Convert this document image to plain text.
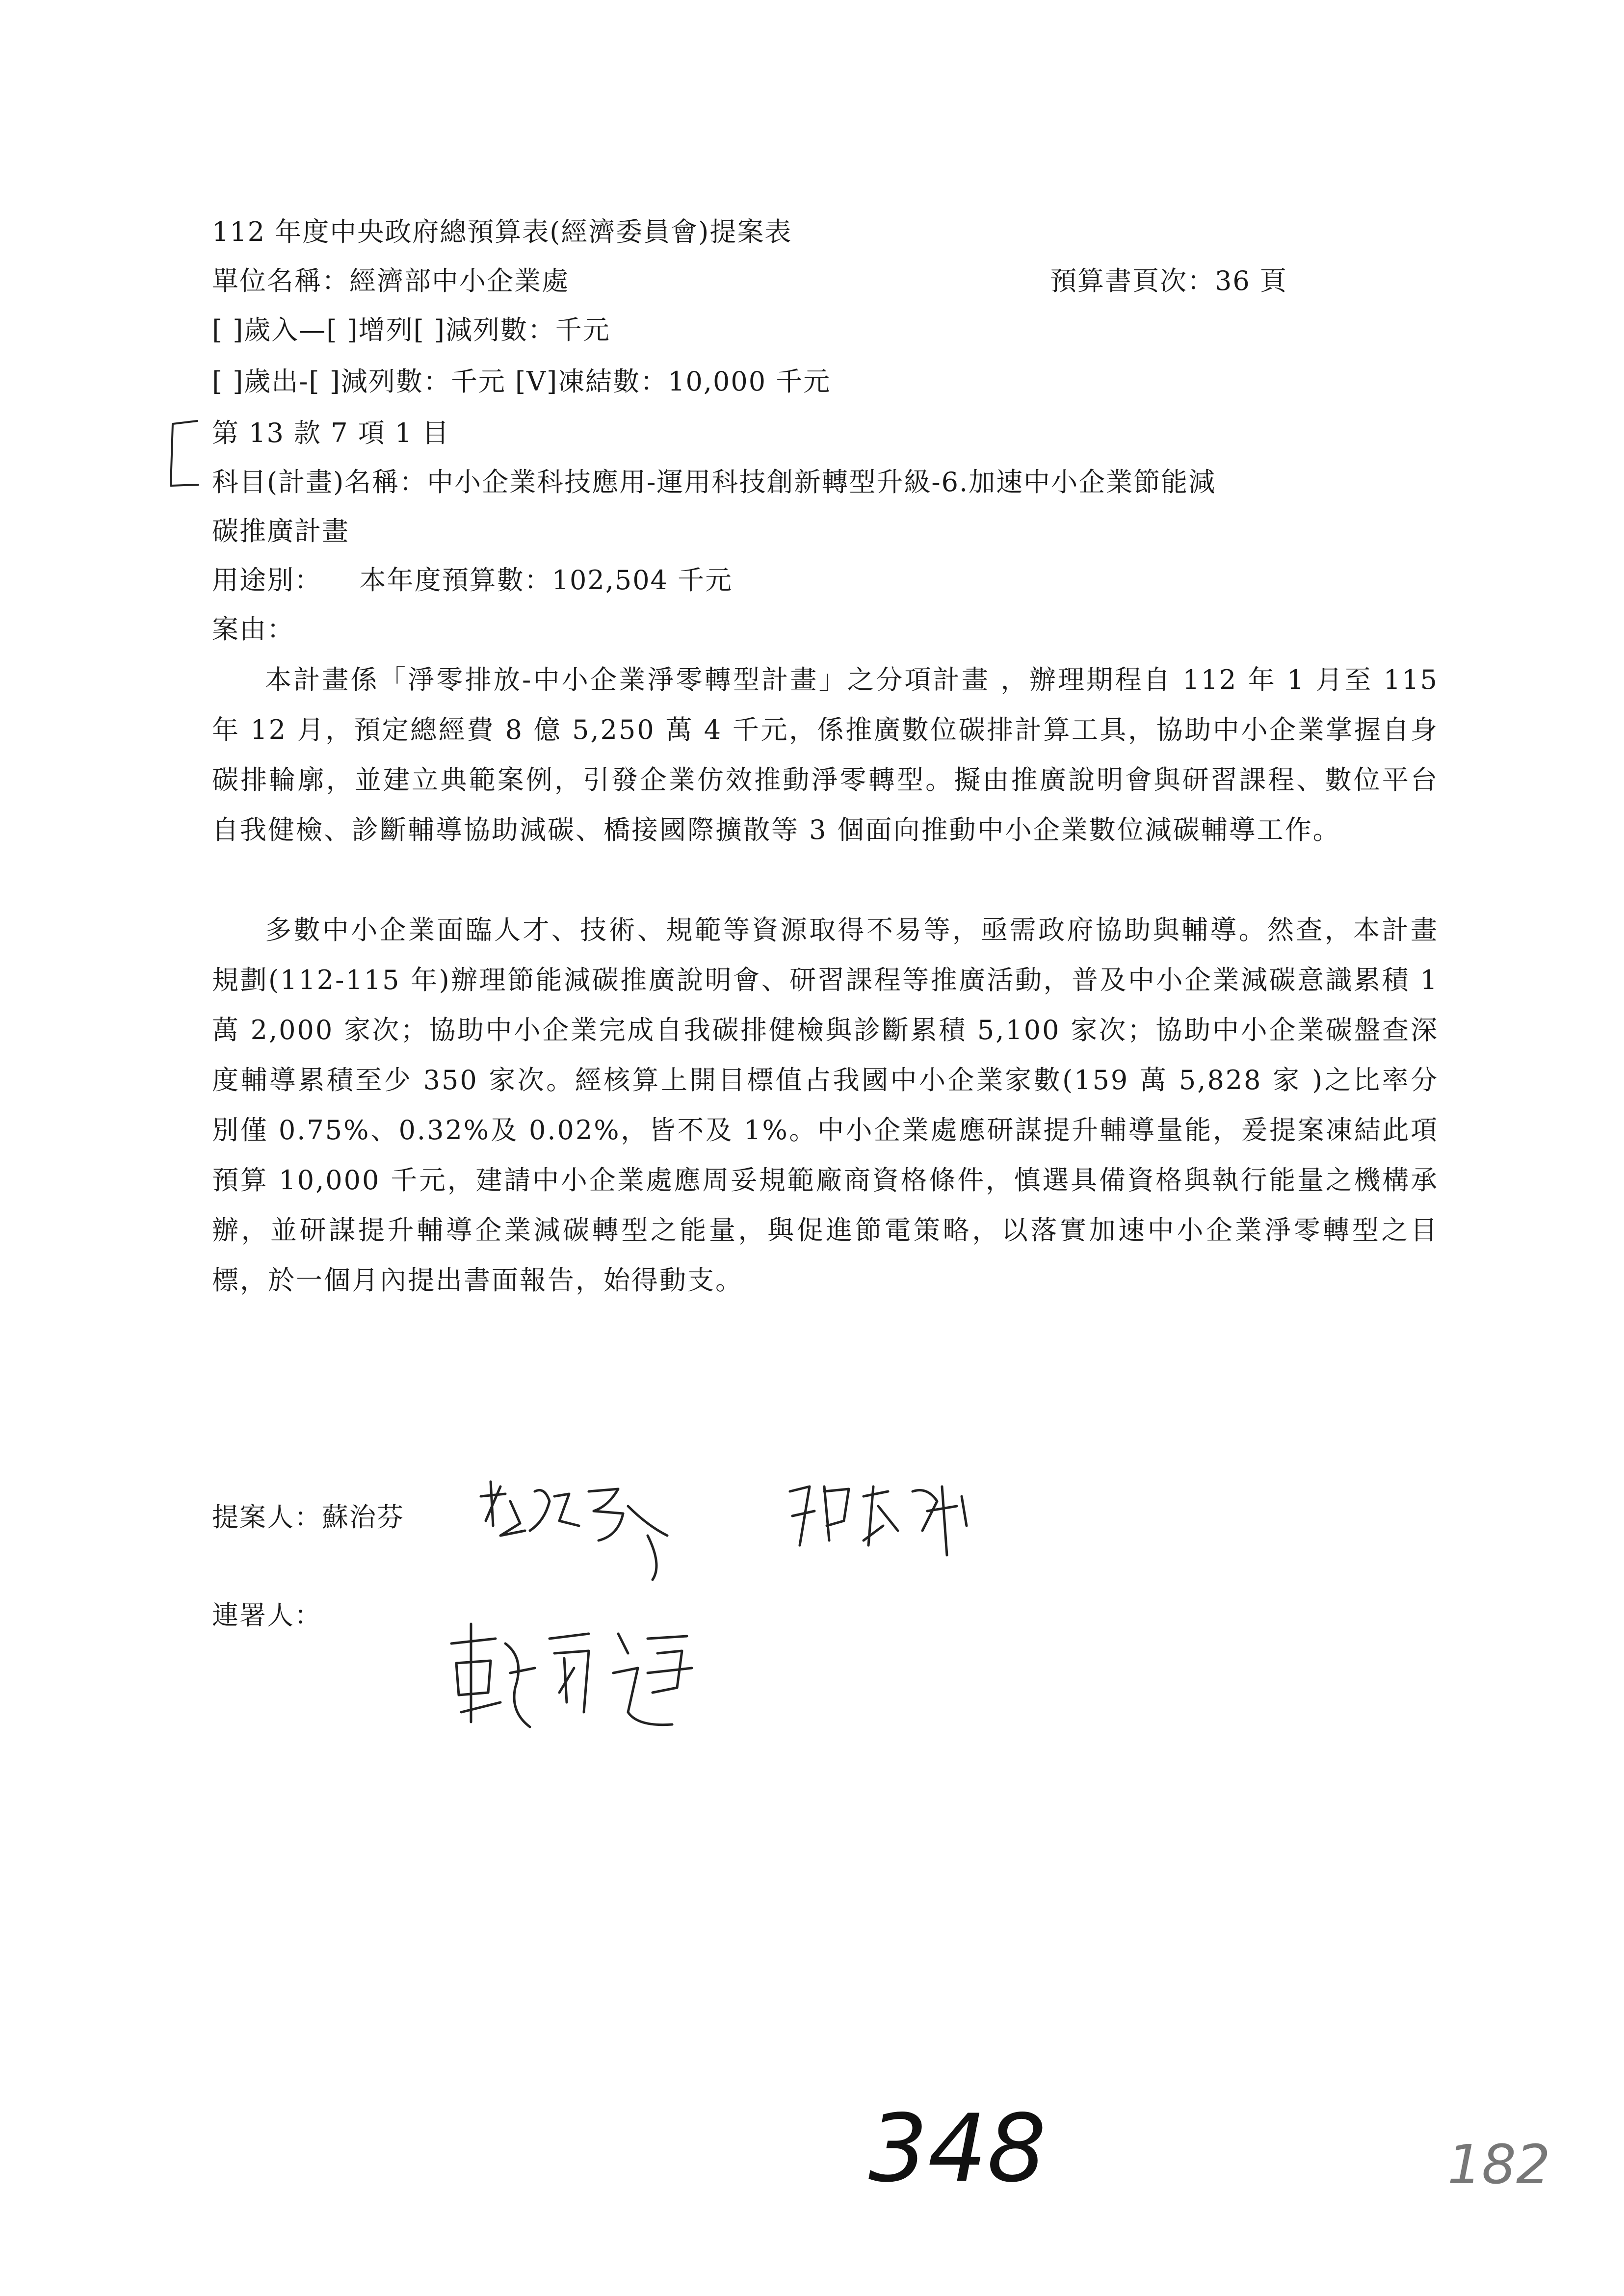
112 年度中央政府總預算表(經濟委員會)提案表
單位名稱：經濟部中小企業處	預算書頁次：36 頁
[ ]歲入—[ ]增列[ ]減列數：千元
[ ]歲出-[ ]減列數：千元 [V]凍結數：10,000 千元
第 13 款 7 項 1 目
科目(計畫)名稱：中小企業科技應用-運用科技創新轉型升級-6.加速中小企業節能減
碳推廣計畫
用途別：    本年度預算數：102,504 千元
案由：
本計畫係「淨零排放-中小企業淨零轉型計畫」之分項計畫 ，辦理期程自 112 年 1 月至 115 年 12 月，預定總經費 8 億 5,250 萬 4 千元，係推廣數位碳排計算工具，協助中小企業掌握自身碳排輪廓，並建立典範案例，引發企業仿效推動淨零轉型。擬由推廣說明會與研習課程、數位平台自我健檢、診斷輔導協助減碳、橋接國際擴散等 3 個面向推動中小企業數位減碳輔導工作。
多數中小企業面臨人才、技術、規範等資源取得不易等，亟需政府協助與輔導。然查，本計畫規劃(112-115 年)辦理節能減碳推廣說明會、研習課程等推廣活動，普及中小企業減碳意識累積 1 萬 2,000 家次；協助中小企業完成自我碳排健檢與診斷累積 5,100 家次；協助中小企業碳盤查深度輔導累積至少 350 家次。經核算上開目標值占我國中小企業家數(159 萬 5,828 家 )之比率分別僅 0.75%、0.32%及 0.02%，皆不及 1%。中小企業處應研謀提升輔導量能，爰提案凍結此項預算 10,000 千元，建請中小企業處應周妥規範廠商資格條件，慎選具備資格與執行能量之機構承辦，並研謀提升輔導企業減碳轉型之能量，與促進節電策略，以落實加速中小企業淨零轉型之目標，於一個月內提出書面報告，始得動支。
提案人：蘇治芬
連署人：
348	182
